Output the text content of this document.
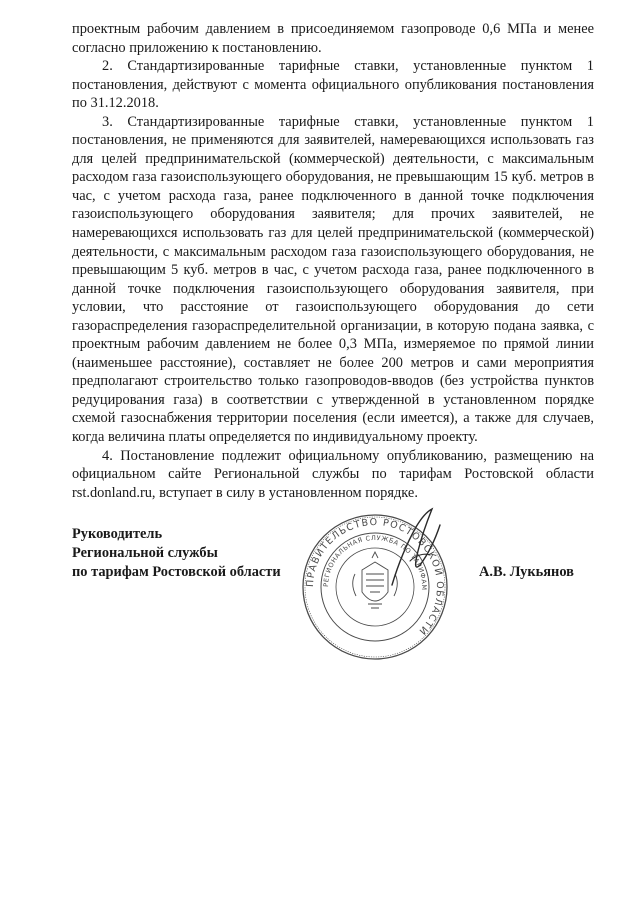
проектным рабочим давлением в присоединяемом газопроводе 0,6 МПа и менее согласно приложению к постановлению.

2. Стандартизированные тарифные ставки, установленные пунктом 1 постановления, действуют с момента официального опубликования постановления по 31.12.2018.

3. Стандартизированные тарифные ставки, установленные пунктом 1 постановления, не применяются для заявителей, намеревающихся использовать газ для целей предпринимательской (коммерческой) деятельности, с максимальным расходом газа газоиспользующего оборудования, не превышающим 15 куб. метров в час, с учетом расхода газа, ранее подключенного в данной точке подключения газоиспользующего оборудования заявителя; для прочих заявителей, не намеревающихся использовать газ для целей предпринимательской (коммерческой) деятельности, с максимальным расходом газа газоиспользующего оборудования, не превышающим 5 куб. метров в час, с учетом расхода газа, ранее подключенного в данной точке подключения газоиспользующего оборудования заявителя, при условии, что расстояние от газоиспользующего оборудования до сети газораспределения газораспределительной организации, в которую подана заявка, с проектным рабочим давлением не более 0,3 МПа, измеряемое по прямой линии (наименьшее расстояние), составляет не более 200 метров и сами мероприятия предполагают строительство только газопроводов-вводов (без устройства пунктов редуцирования газа) в соответствии с утвержденной в установленном порядке схемой газоснабжения территории поселения (если имеется), а также для случаев, когда величина платы определяется по индивидуальному проекту.

4. Постановление подлежит официальному опубликованию, размещению на официальном сайте Региональной службы по тарифам Ростовской области rst.donland.ru, вступает в силу в установленном порядке.

Руководитель
Региональной службы
по тарифам Ростовской области
ПРАВИТЕЛЬСТВО РОСТОВСКОЙ ОБЛАСТИ
РЕГИОНАЛЬНАЯ СЛУЖБА ПО ТАРИФАМ
А.В. Лукьянов
